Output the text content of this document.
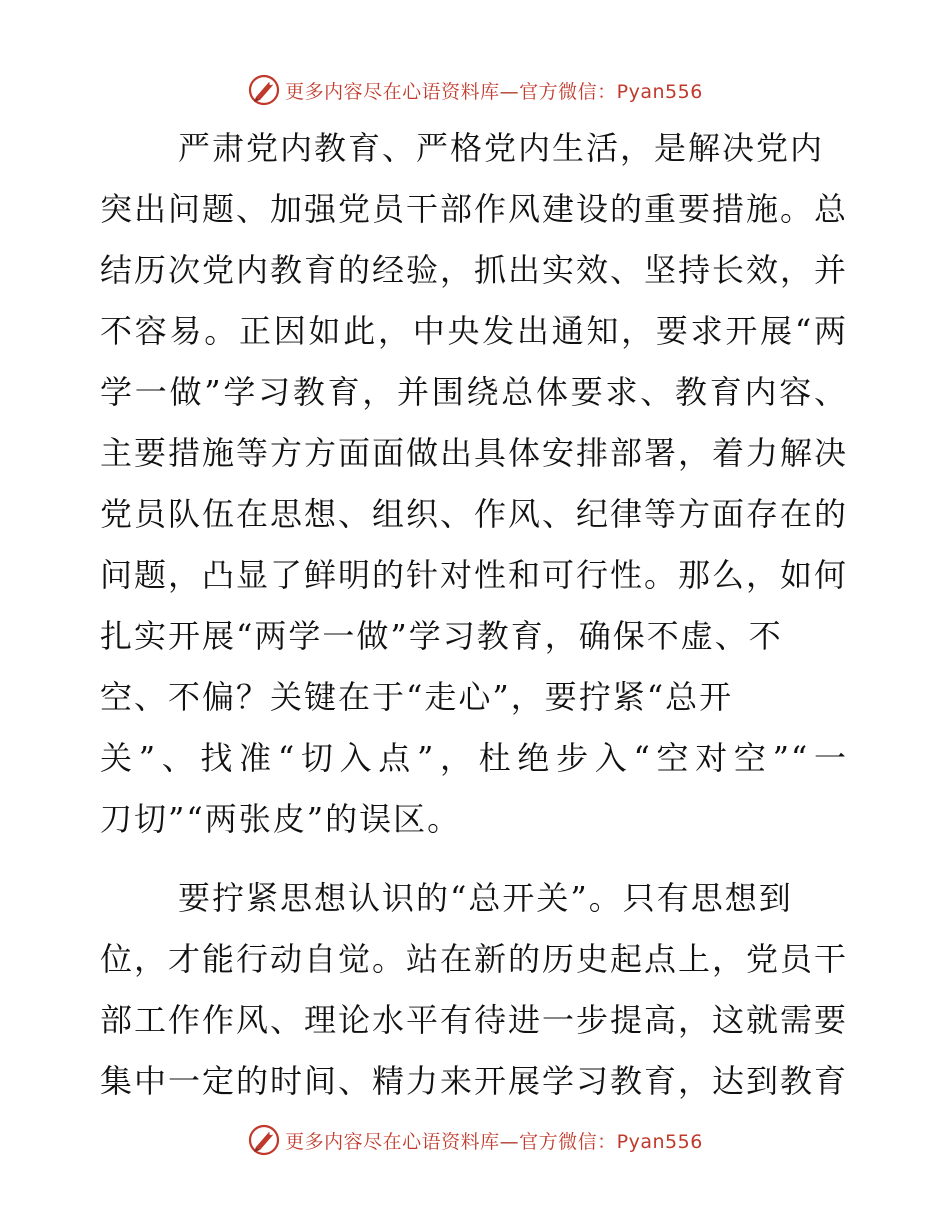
更多内容尽在心语资料库—官方微信：Pyan556
严肃党内教育、严格党内生活，是解决党内
突出问题、加强党员干部作风建设的重要措施。总
结历次党内教育的经验，抓出实效、坚持长效，并
不容易。正因如此，中央发出通知，要求开展“两
学一做”学习教育，并围绕总体要求、教育内容、
主要措施等方方面面做出具体安排部署，着力解决
党员队伍在思想、组织、作风、纪律等方面存在的
问题，凸显了鲜明的针对性和可行性。那么，如何
扎实开展“两学一做”学习教育，确保不虚、不
空、不偏？关键在于“走心”，要拧紧“总开
关”、找准“切入点”，杜绝步入“空对空”“一
刀切”“两张皮”的误区。
要拧紧思想认识的“总开关”。只有思想到
位，才能行动自觉。站在新的历史起点上，党员干
部工作作风、理论水平有待进一步提高，这就需要
集中一定的时间、精力来开展学习教育，达到教育
更多内容尽在心语资料库—官方微信：Pyan556
